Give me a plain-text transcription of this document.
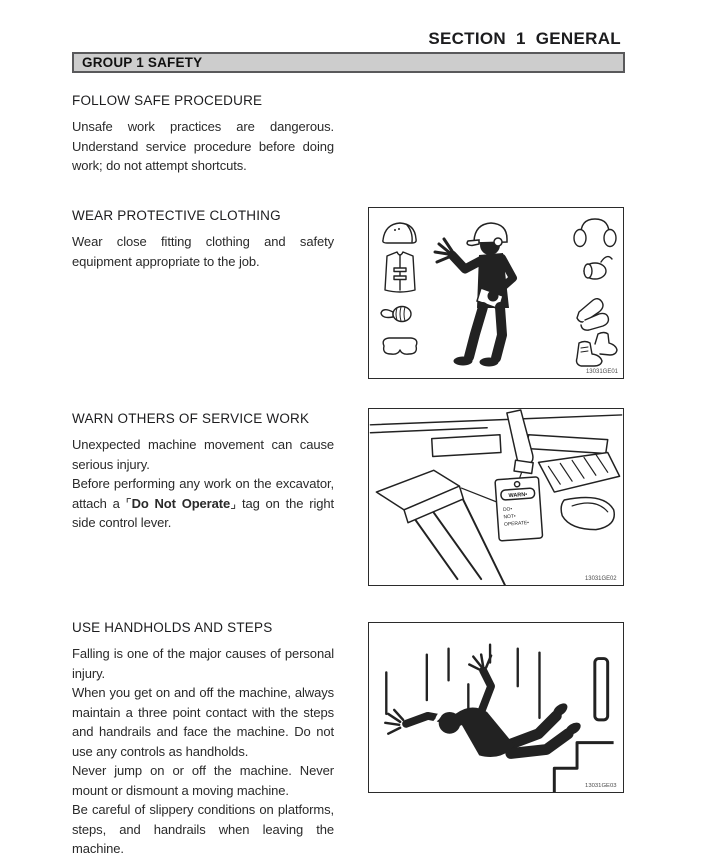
SECTION 1 GENERAL
GROUP 1 SAFETY
FOLLOW SAFE PROCEDURE

Unsafe work practices are dangerous. Understand service procedure before doing work; do not attempt shortcuts.

WEAR PROTECTIVE CLOTHING

Wear close fitting clothing and safety equipment appropriate to the job.

13031GE01
WARN OTHERS OF SERVICE WORK

Unexpected machine movement can cause serious injury.

Before performing any work on the excavator, attach a ⌜Do Not Operate⌟ tag on the right side control lever.

WARN•
DO•
NOT•
OPERATE•
13031GE02
USE HANDHOLDS AND STEPS

Falling is one of the major causes of personal injury.

When you get on and off the machine, always maintain a three point contact with the steps and handrails and face the machine. Do not use any controls as handholds.

Never jump on or off the machine. Never mount or dismount a moving machine.

Be careful of slippery conditions on platforms, steps, and handrails when leaving the machine.

13031GE03
